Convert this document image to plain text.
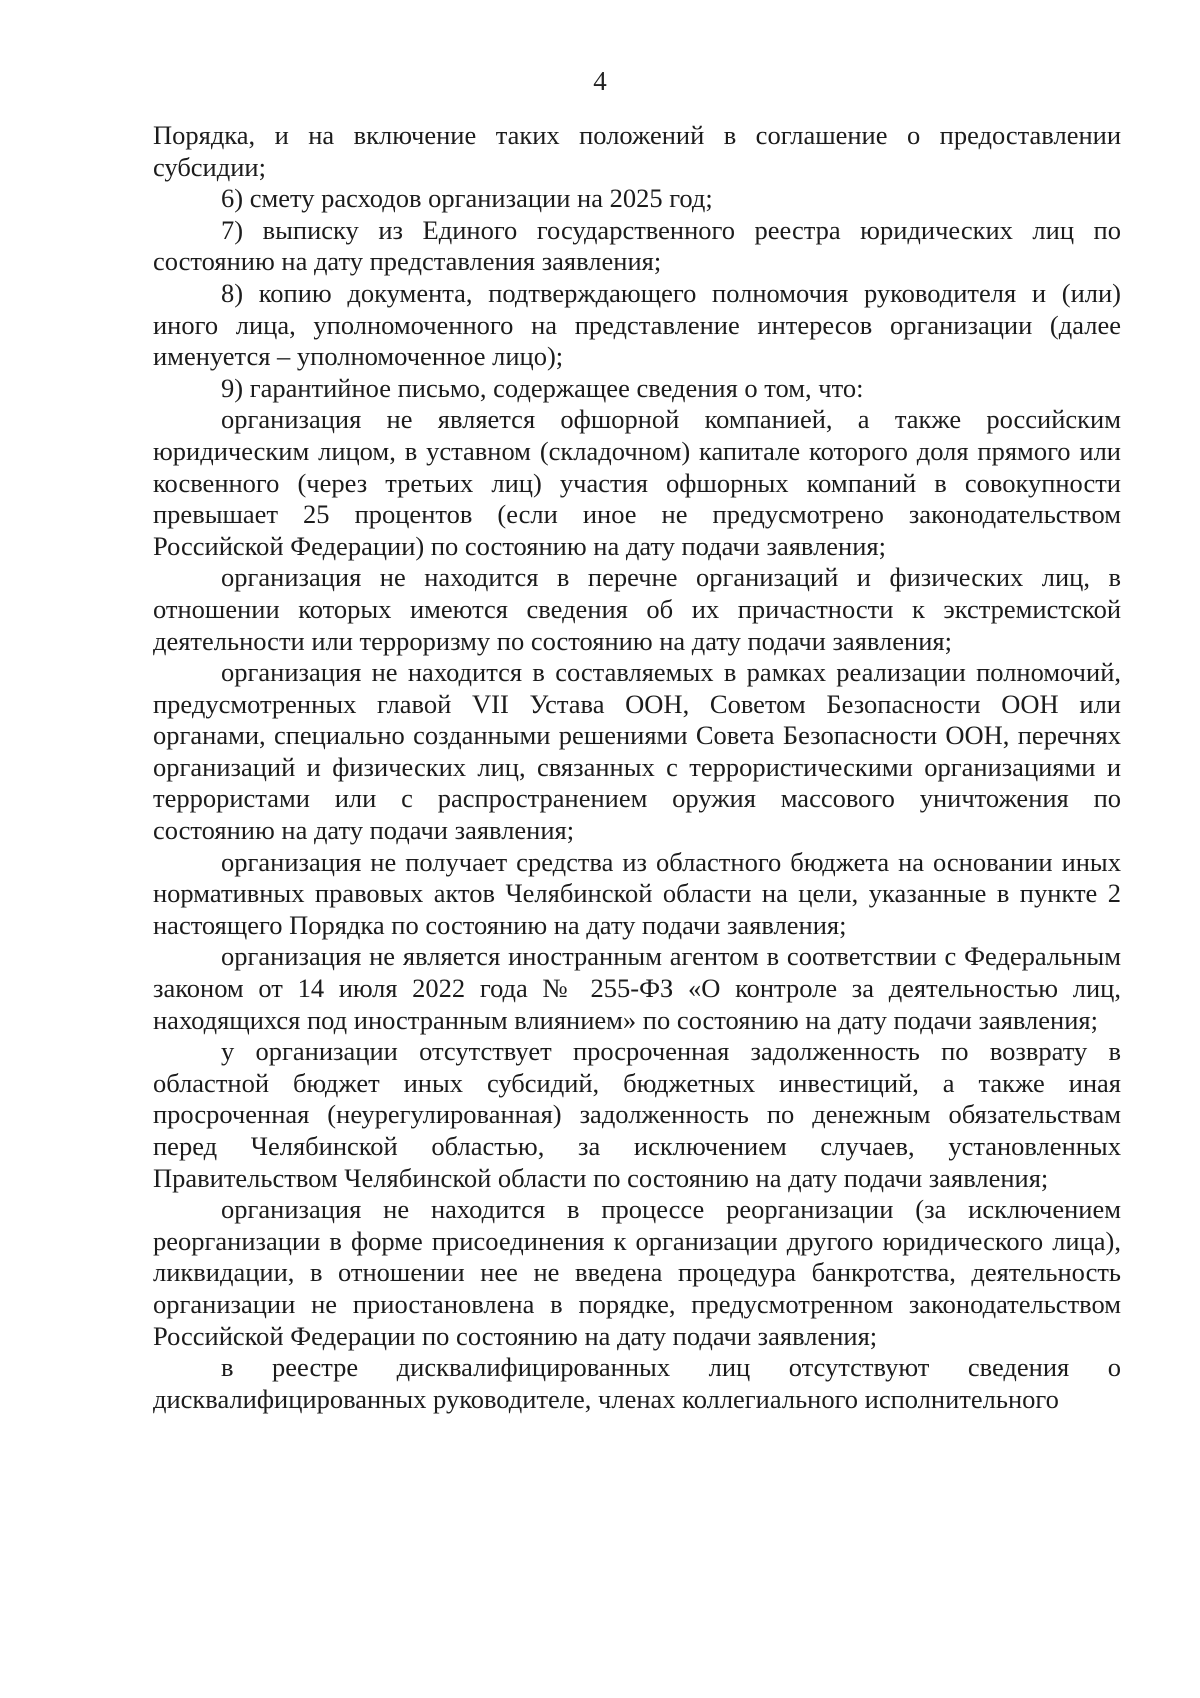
4

Порядка, и на включение таких положений в соглашение о предоставлении субсидии;

6) смету расходов организации на 2025 год;

7) выписку из Единого государственного реестра юридических лиц по состоянию на дату представления заявления;

8) копию документа, подтверждающего полномочия руководителя и (или) иного лица, уполномоченного на представление интересов организации (далее именуется – уполномоченное лицо);

9) гарантийное письмо, содержащее сведения о том, что:

организация не является офшорной компанией, а также российским юридическим лицом, в уставном (складочном) капитале которого доля прямого или косвенного (через третьих лиц) участия офшорных компаний в совокупности превышает 25 процентов (если иное не предусмотрено законодательством Российской Федерации) по состоянию на дату подачи заявления;

организация не находится в перечне организаций и физических лиц, в отношении которых имеются сведения об их причастности к экстремистской деятельности или терроризму по состоянию на дату подачи заявления;

организация не находится в составляемых в рамках реализации полномочий, предусмотренных главой VII Устава ООН, Советом Безопасности ООН или органами, специально созданными решениями Совета Безопасности ООН, перечнях организаций и физических лиц, связанных с террористическими организациями и террористами или с распространением оружия массового уничтожения по состоянию на дату подачи заявления;

организация не получает средства из областного бюджета на основании иных нормативных правовых актов Челябинской области на цели, указанные в пункте 2 настоящего Порядка по состоянию на дату подачи заявления;

организация не является иностранным агентом в соответствии с Федеральным законом от 14 июля 2022 года № 255-ФЗ «О контроле за деятельностью лиц, находящихся под иностранным влиянием» по состоянию на дату подачи заявления;

у организации отсутствует просроченная задолженность по возврату в областной бюджет иных субсидий, бюджетных инвестиций, а также иная просроченная (неурегулированная) задолженность по денежным обязательствам перед Челябинской областью, за исключением случаев, установленных Правительством Челябинской области по состоянию на дату подачи заявления;

организация не находится в процессе реорганизации (за исключением реорганизации в форме присоединения к организации другого юридического лица), ликвидации, в отношении нее не введена процедура банкротства, деятельность организации не приостановлена в порядке, предусмотренном законодательством Российской Федерации по состоянию на дату подачи заявления;

в реестре дисквалифицированных лиц отсутствуют сведения о дисквалифицированных руководителе, членах коллегиального исполнительного
